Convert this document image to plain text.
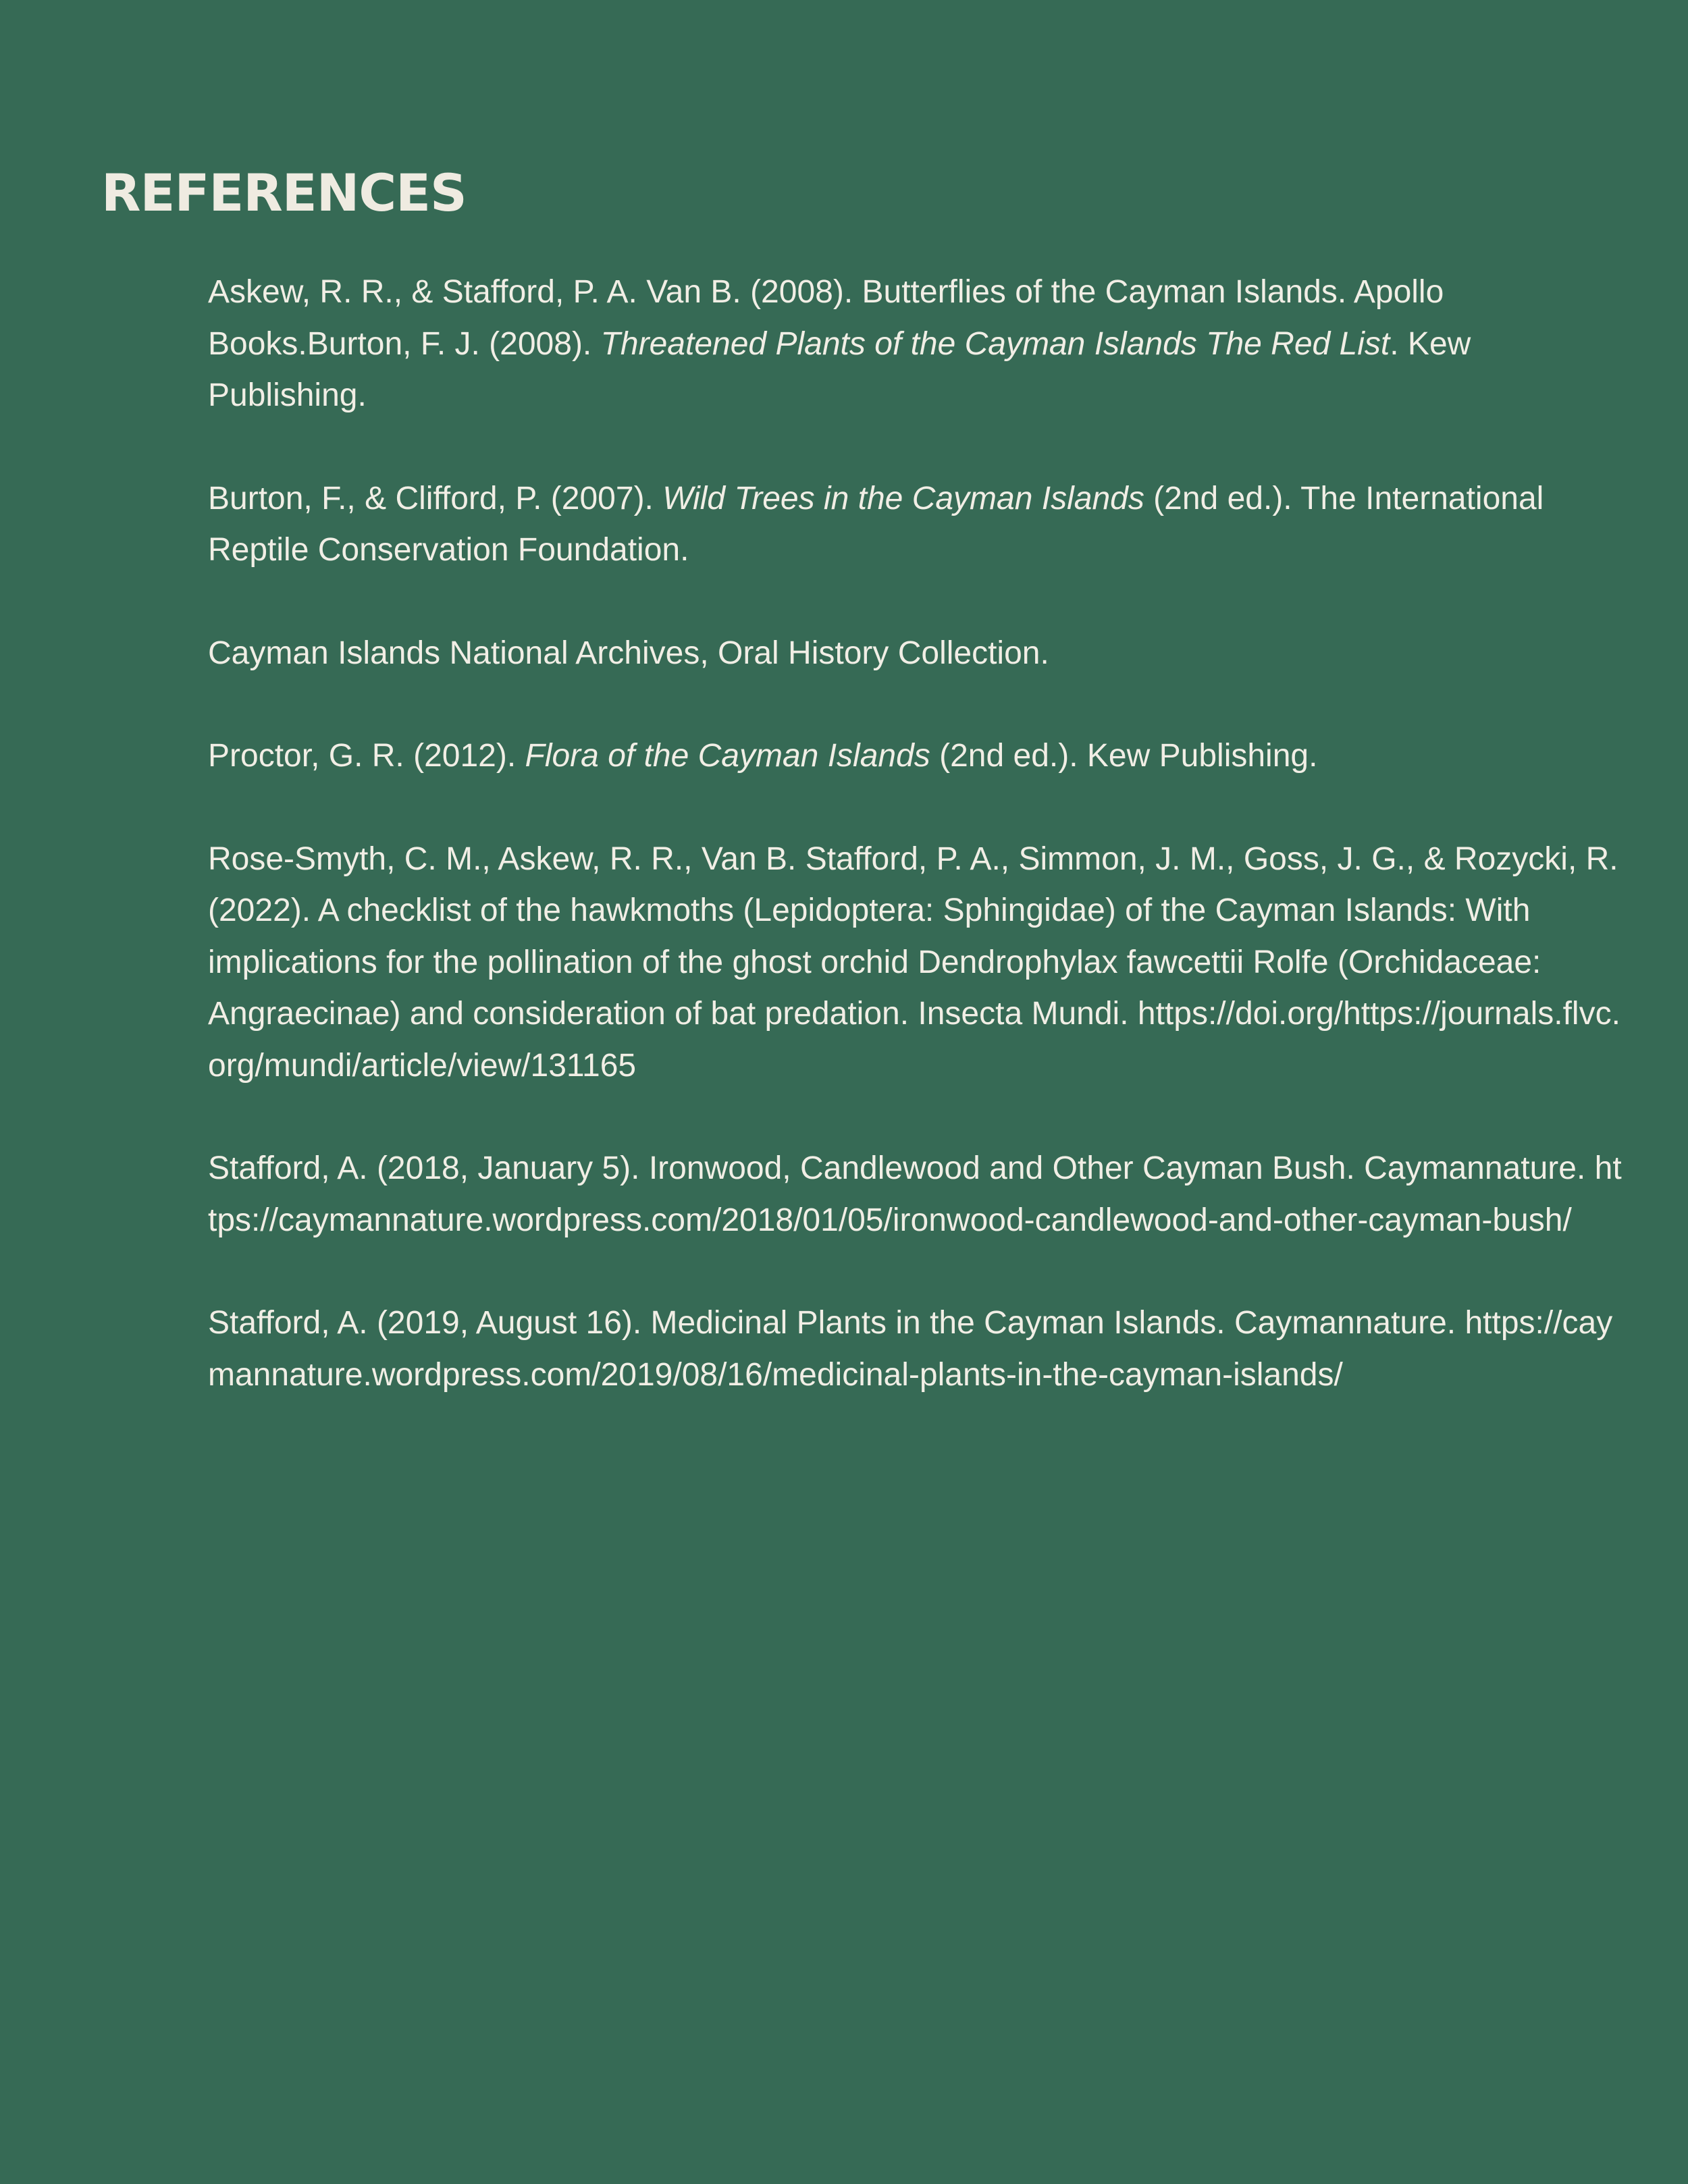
REFERENCES

Askew, R. R., & Stafford, P. A. Van B. (2008). Butterflies of the Cayman Islands. Apollo Books.Burton, F. J. (2008). Threatened Plants of the Cayman Islands The Red List. Kew Publishing.

Burton, F., & Clifford, P. (2007). Wild Trees in the Cayman Islands (2nd ed.). The International Reptile Conservation Foundation.

Cayman Islands National Archives, Oral History Collection.

Proctor, G. R. (2012). Flora of the Cayman Islands (2nd ed.). Kew Publishing.

Rose-Smyth, C. M., Askew, R. R., Van B. Stafford, P. A., Simmon, J. M., Goss, J. G., & Rozycki, R. (2022). A checklist of the hawkmoths (Lepidoptera: Sphingidae) of the Cayman Islands: With implications for the pollination of the ghost orchid Dendrophylax fawcettii Rolfe (Orchidaceae: Angraecinae) and consideration of bat predation. Insecta Mundi. https://doi.org/https://journals.flvc.org/mundi/article/view/131165

Stafford, A. (2018, January 5). Ironwood, Candlewood and Other Cayman Bush. Caymannature. https://caymannature.wordpress.com/2018/01/05/ironwood-candlewood-and-other-cayman-bush/

Stafford, A. (2019, August 16). Medicinal Plants in the Cayman Islands. Caymannature. https://caymannature.wordpress.com/2019/08/16/medicinal-plants-in-the-cayman-islands/
